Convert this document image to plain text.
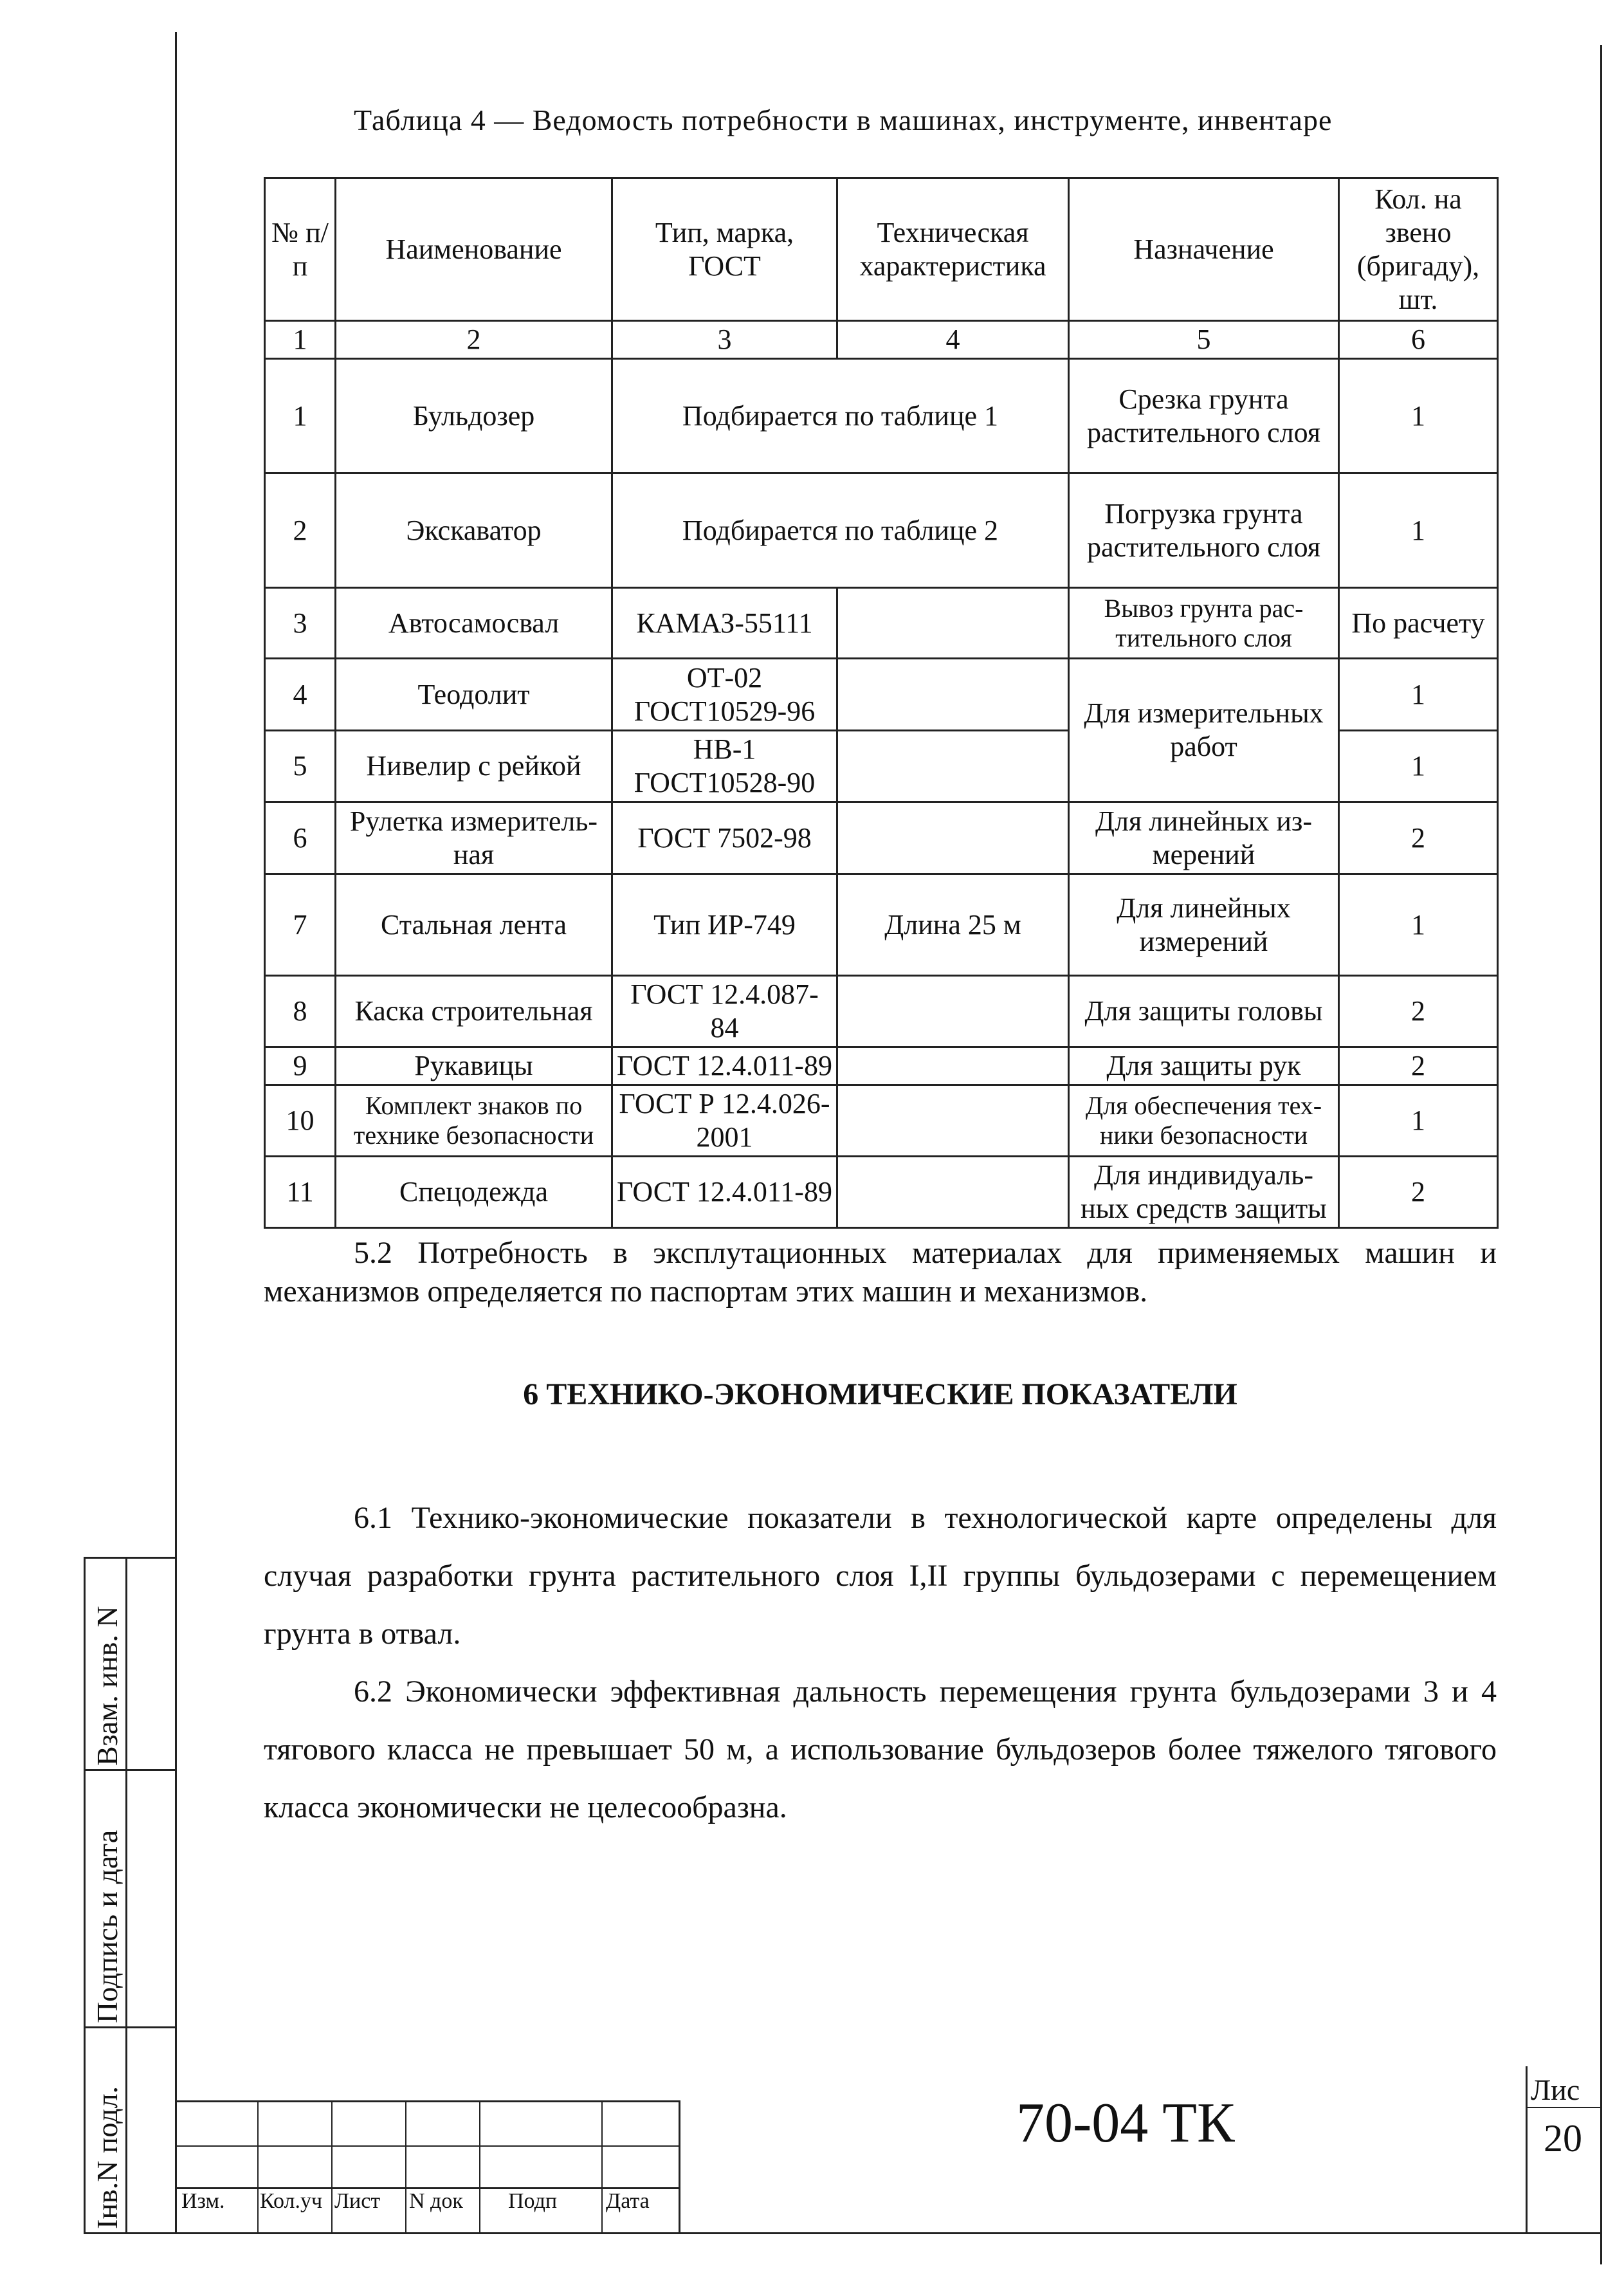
Взам. инв. N
Подпись и дата
Інв.N подл.
Таблица 4 — Ведомость потребности в машинах, инструменте, инвентаре
№ п/п	Наименование	Тип, марка, ГОСТ	Техническая характеристика	Назначение	Кол. на звено (бригаду), шт.
1	2	3	4	5	6
1	Бульдозер	Подбирается по таблице 1		Срезка грунта растительного слоя	1
2	Экскаватор	Подбирается по таблице 2		Погрузка грунта растительного слоя	1
3	Автосамосвал	КАМАЗ-55111		Вывоз грунта рас-тительного слоя	По расчету
4	Теодолит	ОТ-02 ГОСТ10529-96		Для измерительных работ	1
5	Нивелир с рейкой	НВ-1 ГОСТ10528-90			1
6	Рулетка измеритель-ная	ГОСТ 7502-98		Для линейных из-мерений	2
7	Стальная лента	Тип ИР-749	Длина 25 м	Для линейных измерений	1
8	Каска строительная	ГОСТ 12.4.087-84		Для защиты головы	2
9	Рукавицы	ГОСТ 12.4.011-89		Для защиты рук	2
10	Комплект знаков по технике безопасности	ГОСТ Р 12.4.026-2001		Для обеспечения тех-ники безопасности	1
11	Спецодежда	ГОСТ 12.4.011-89		Для индивидуаль-ных средств защиты	2
5.2 Потребность в эксплутационных материалах для применяемых машин и механизмов определяется по паспортам этих машин и механизмов.
6 ТЕХНИКО-ЭКОНОМИЧЕСКИЕ ПОКАЗАТЕЛИ
6.1 Технико-экономические показатели в технологической карте определены для случая разработки грунта растительного слоя I,II группы бульдозерами с перемещением грунта в отвал.
6.2 Экономически эффективная дальность перемещения грунта бульдозерами 3 и 4 тягового класса не превышает 50 м, а использование бульдозеров более тяжелого тягового класса экономически не целесообразна.
Изм. Кол.уч Лист N док Подп Дата
70-04 ТК
Лис
20
